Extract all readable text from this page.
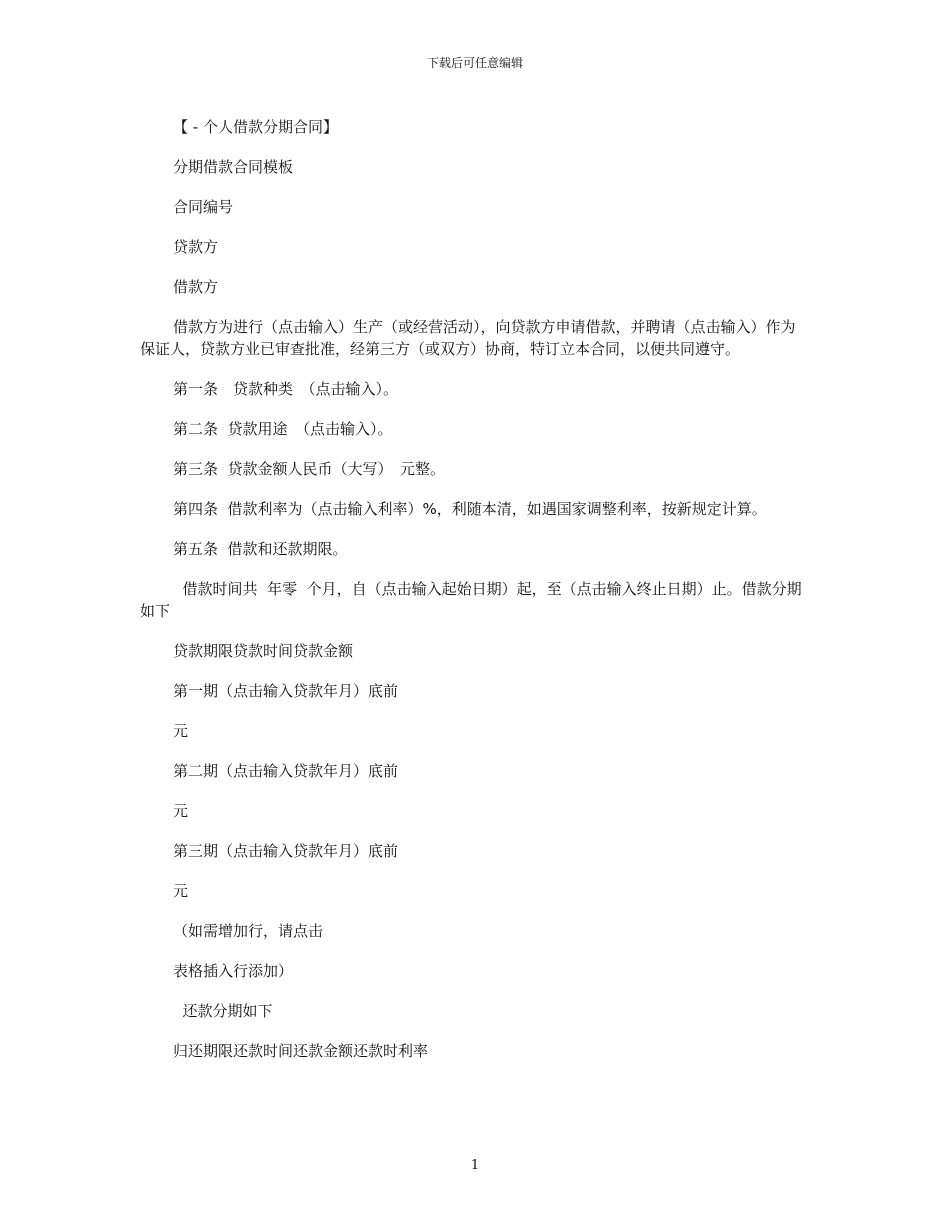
下载后可任意编辑

【 - 个人借款分期合同】

分期借款合同模板

合同编号

贷款方

借款方

借款方为进行（点击输入）生产（或经营活动），向贷款方申请借款，并聘请（点击输入）作为保证人，贷款方业已审查批准，经第三方（或双方）协商，特订立本合同，以便共同遵守。

第一条　贷款种类　（点击输入）。

第二条  贷款用途　（点击输入）。

第三条  贷款金额人民币（大写）　元整。

第四条  借款利率为（点击输入利率）%，利随本清，如遇国家调整利率，按新规定计算。

第五条  借款和还款期限。

借款时间共  年零  个月，自（点击输入起始日期）起，至（点击输入终止日期）止。借款分期如下

贷款期限贷款时间贷款金额

第一期（点击输入贷款年月）底前

元

第二期（点击输入贷款年月）底前

元

第三期（点击输入贷款年月）底前

元

（如需增加行，请点击

表格插入行添加）

还款分期如下

归还期限还款时间还款金额还款时利率

1
